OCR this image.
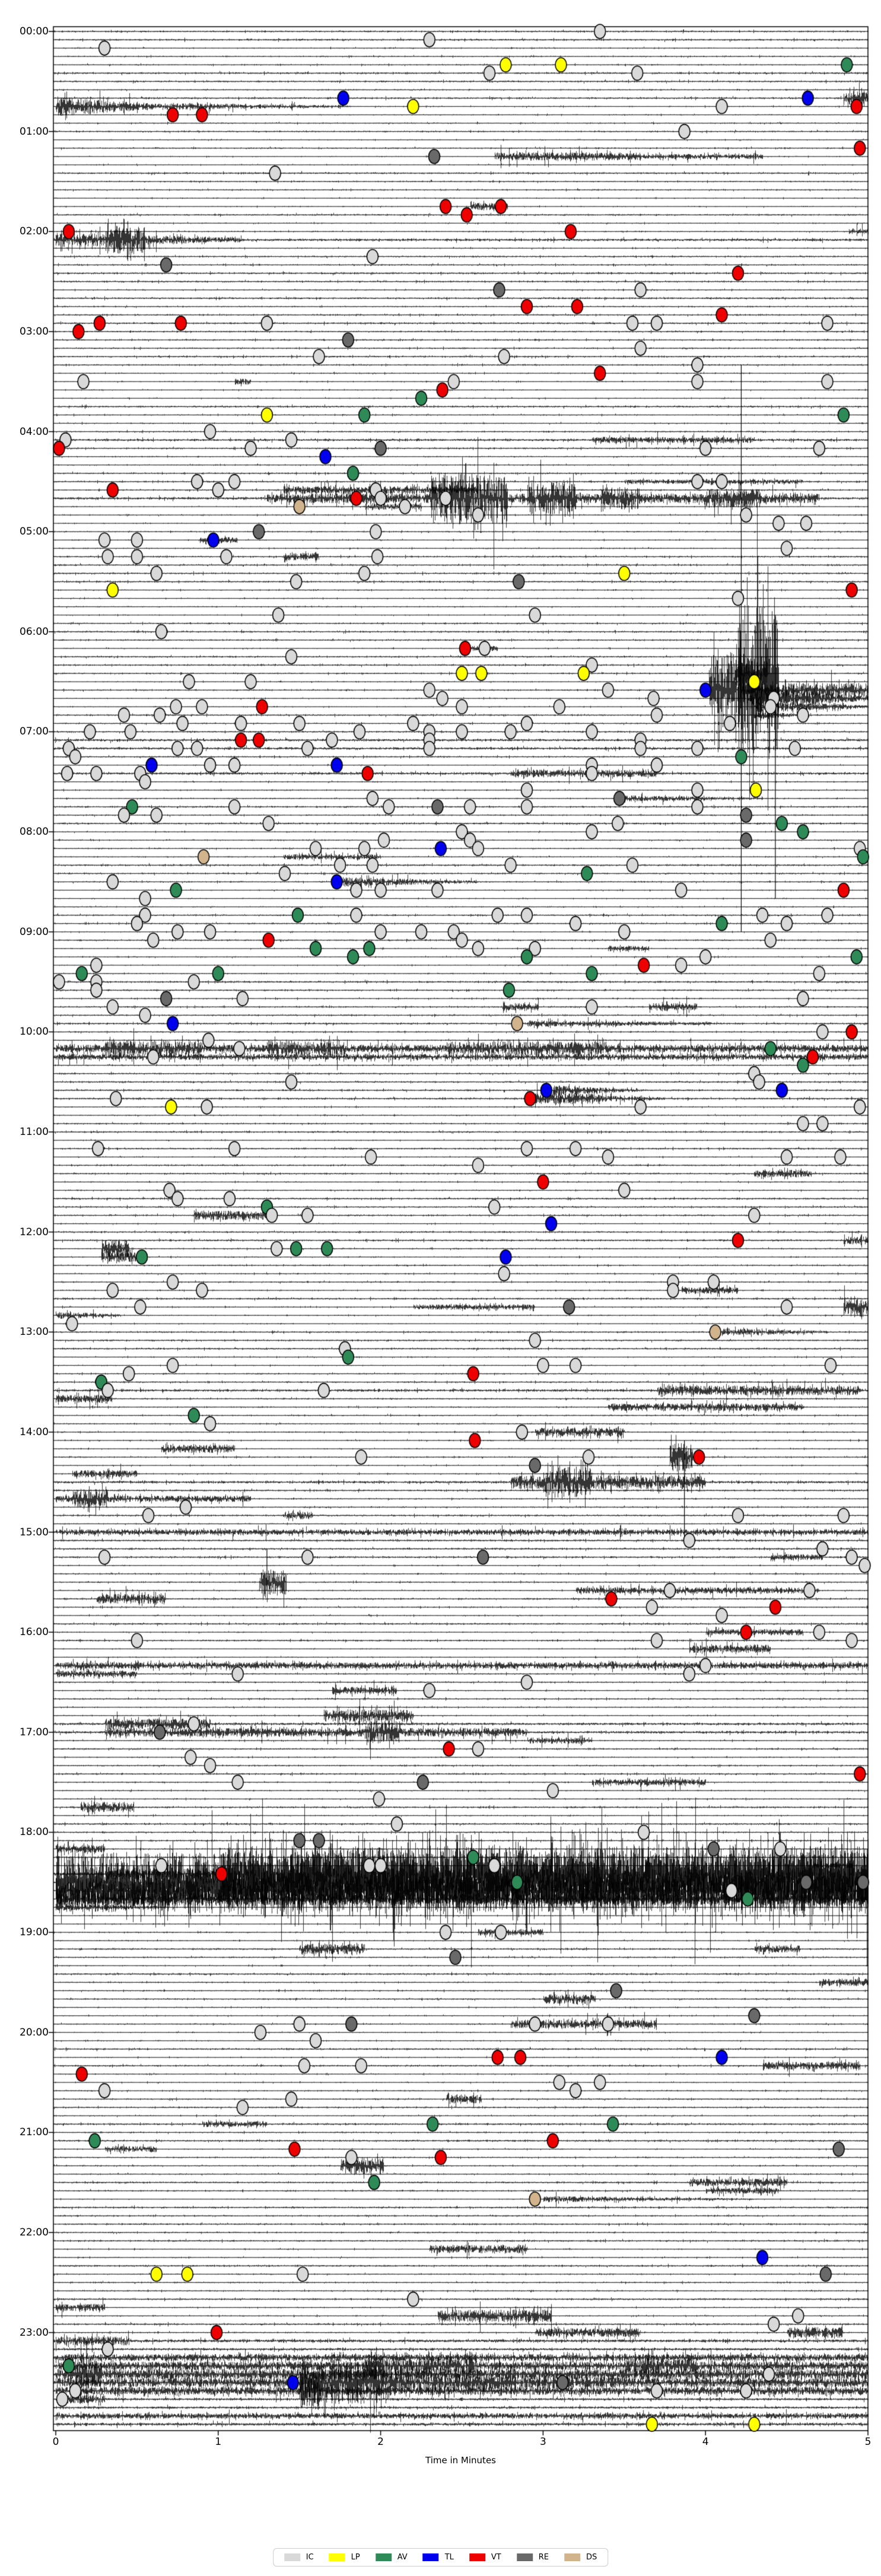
00:00
01:00
02:00
03:00
04:00
05:00
06:00
07:00
08:00
09:00
10:00
11:00
12:00
13:00
14:00
15:00
16:00
17:00
18:00
19:00
20:00
21:00
22:00
23:00
0	1	2	3	4	5
Time in Minutes
IC	LP	AV	TL	VT	RE	DS
